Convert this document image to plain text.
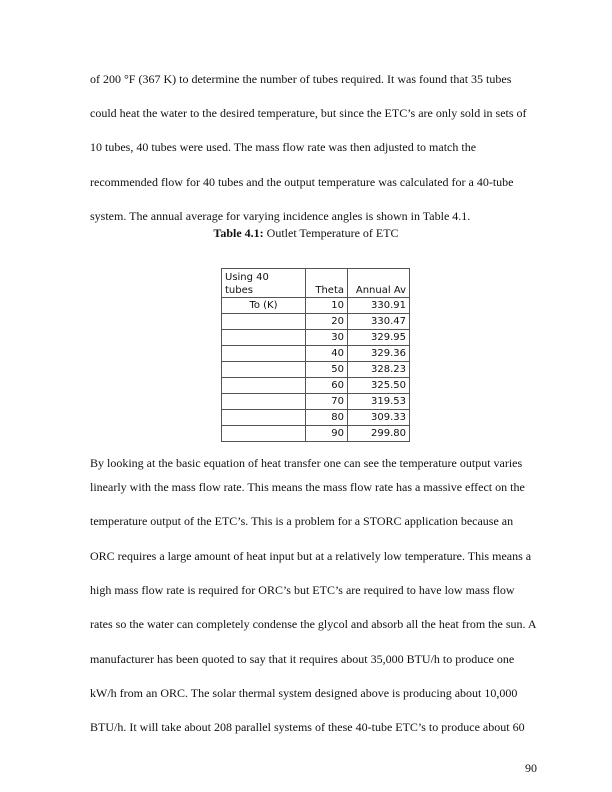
of 200 °F (367 K) to determine the number of tubes required. It was found that 35 tubes
could heat the water to the desired temperature, but since the ETC’s are only sold in sets of
10 tubes, 40 tubes were used. The mass flow rate was then adjusted to match the
recommended flow for 40 tubes and the output temperature was calculated for a 40-tube
system. The annual average for varying incidence angles is shown in Table 4.1.
Table 4.1: Outlet Temperature of ETC
Using 40
tubes	Theta	Annual Av
To (K)	10	330.91
	20	330.47
	30	329.95
	40	329.36
	50	328.23
	60	325.50
	70	319.53
	80	309.33
	90	299.80
By looking at the basic equation of heat transfer one can see the temperature output varies
linearly with the mass flow rate. This means the mass flow rate has a massive effect on the
temperature output of the ETC’s. This is a problem for a STORC application because an
ORC requires a large amount of heat input but at a relatively low temperature. This means a
high mass flow rate is required for ORC’s but ETC’s are required to have low mass flow
rates so the water can completely condense the glycol and absorb all the heat from the sun. A
manufacturer has been quoted to say that it requires about 35,000 BTU/h to produce one
kW/h from an ORC. The solar thermal system designed above is producing about 10,000
BTU/h. It will take about 208 parallel systems of these 40-tube ETC’s to produce about 60
90
